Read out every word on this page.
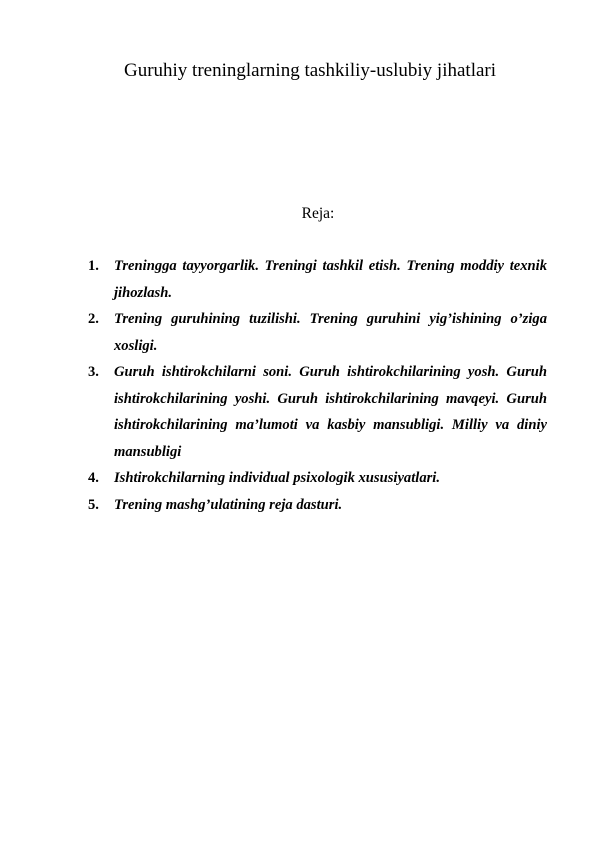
Guruhiy treninglarning tashkiliy-uslubiy jihatlari
Reja:
1. Treningga tayyorgarlik. Treningi tashkil etish. Trening moddiy texnik jihozlash.
2. Trening guruhining tuzilishi. Trening guruhini yig’ishining o’ziga xosligi.
3. Guruh ishtirokchilarni soni. Guruh ishtirokchilarining yosh. Guruh ishtirokchilarining yoshi. Guruh ishtirokchilarining mavqeyi. Guruh ishtirokchilarining ma’lumoti va kasbiy mansubligi. Milliy va diniy mansubligi
4. Ishtirokchilarning individual psixologik xususiyatlari.
5. Trening mashg’ulatining reja dasturi.
